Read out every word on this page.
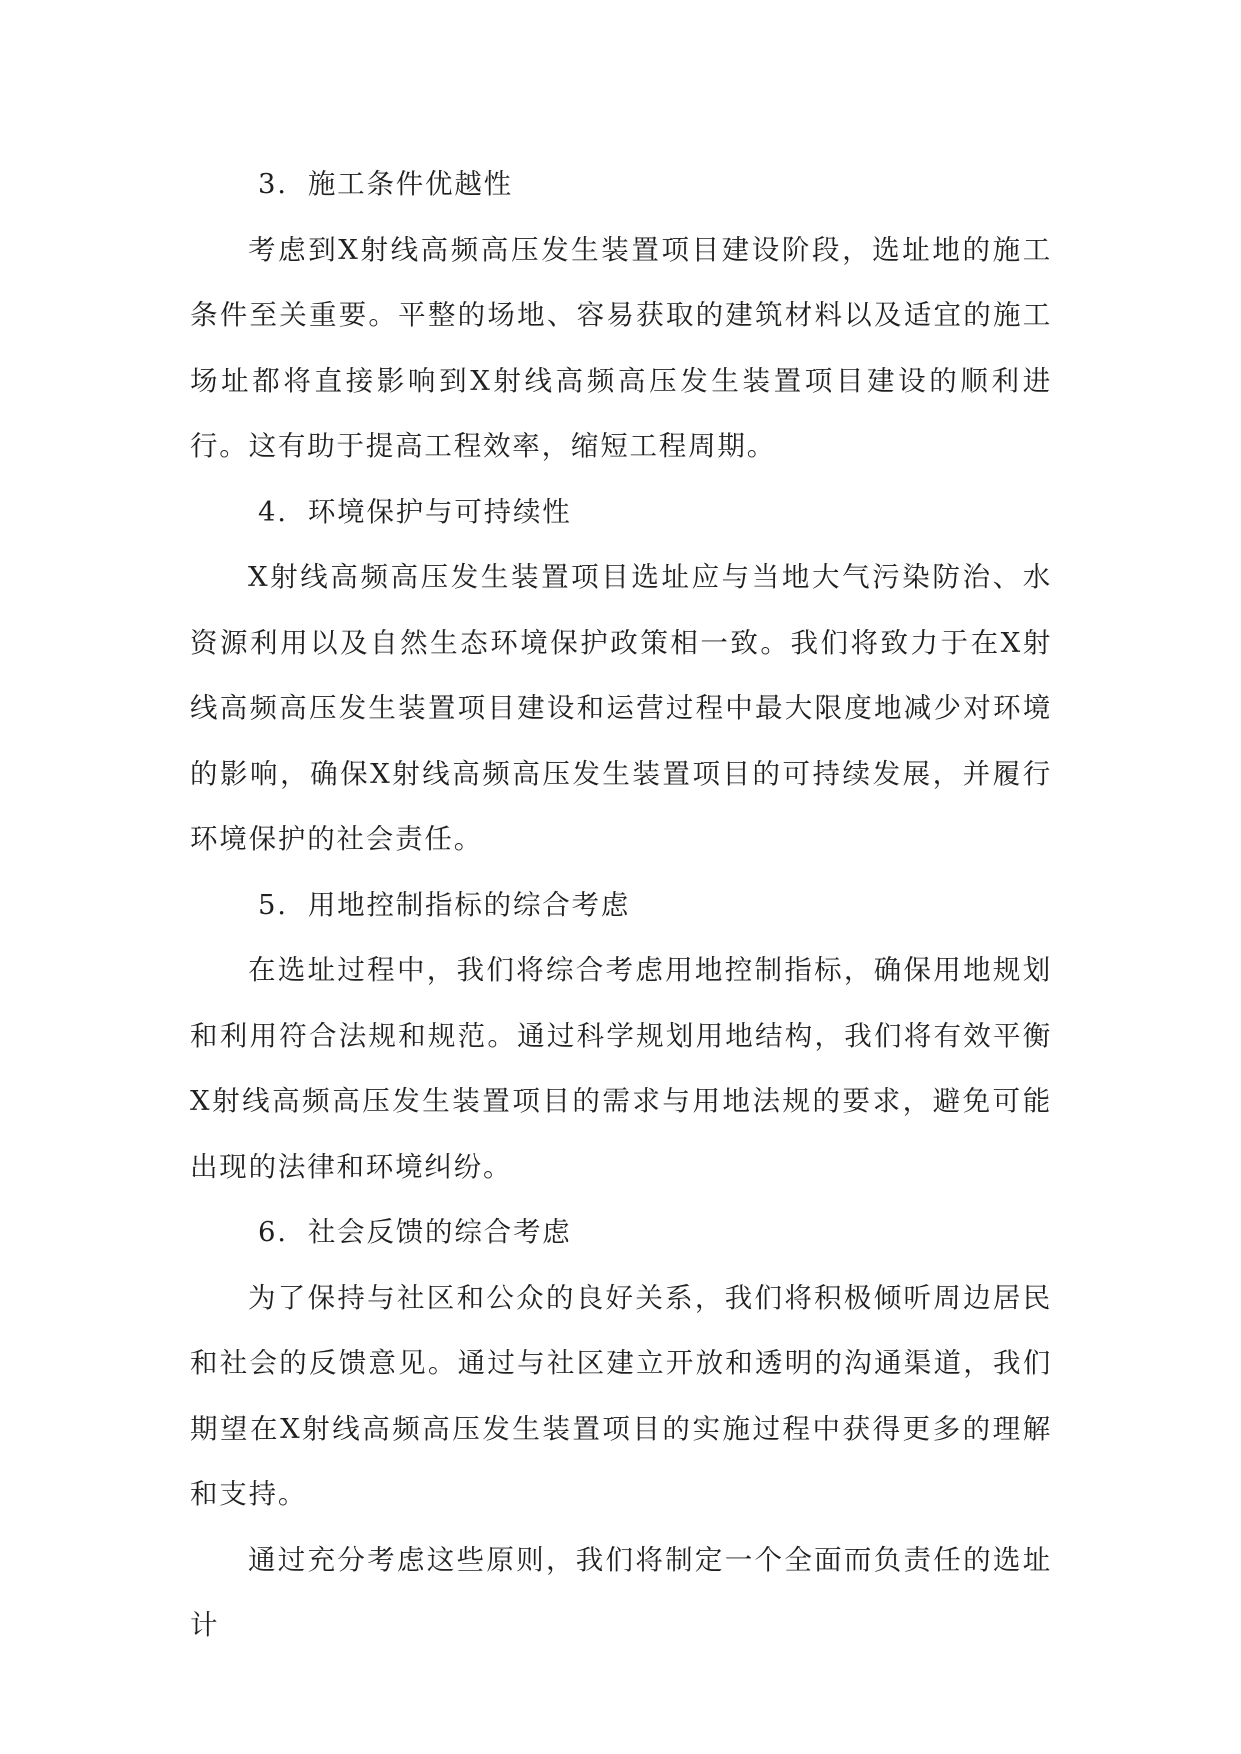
3. 施工条件优越性

考虑到X射线高频高压发生装置项目建设阶段，选址地的施工条件至关重要。平整的场地、容易获取的建筑材料以及适宜的施工场址都将直接影响到X射线高频高压发生装置项目建设的顺利进行。这有助于提高工程效率，缩短工程周期。

4. 环境保护与可持续性

X射线高频高压发生装置项目选址应与当地大气污染防治、水资源利用以及自然生态环境保护政策相一致。我们将致力于在X射线高频高压发生装置项目建设和运营过程中最大限度地减少对环境的影响，确保X射线高频高压发生装置项目的可持续发展，并履行环境保护的社会责任。

5. 用地控制指标的综合考虑

在选址过程中，我们将综合考虑用地控制指标，确保用地规划和利用符合法规和规范。通过科学规划用地结构，我们将有效平衡X射线高频高压发生装置项目的需求与用地法规的要求，避免可能出现的法律和环境纠纷。

6. 社会反馈的综合考虑

为了保持与社区和公众的良好关系，我们将积极倾听周边居民和社会的反馈意见。通过与社区建立开放和透明的沟通渠道，我们期望在X射线高频高压发生装置项目的实施过程中获得更多的理解和支持。

通过充分考虑这些原则，我们将制定一个全面而负责任的选址计
